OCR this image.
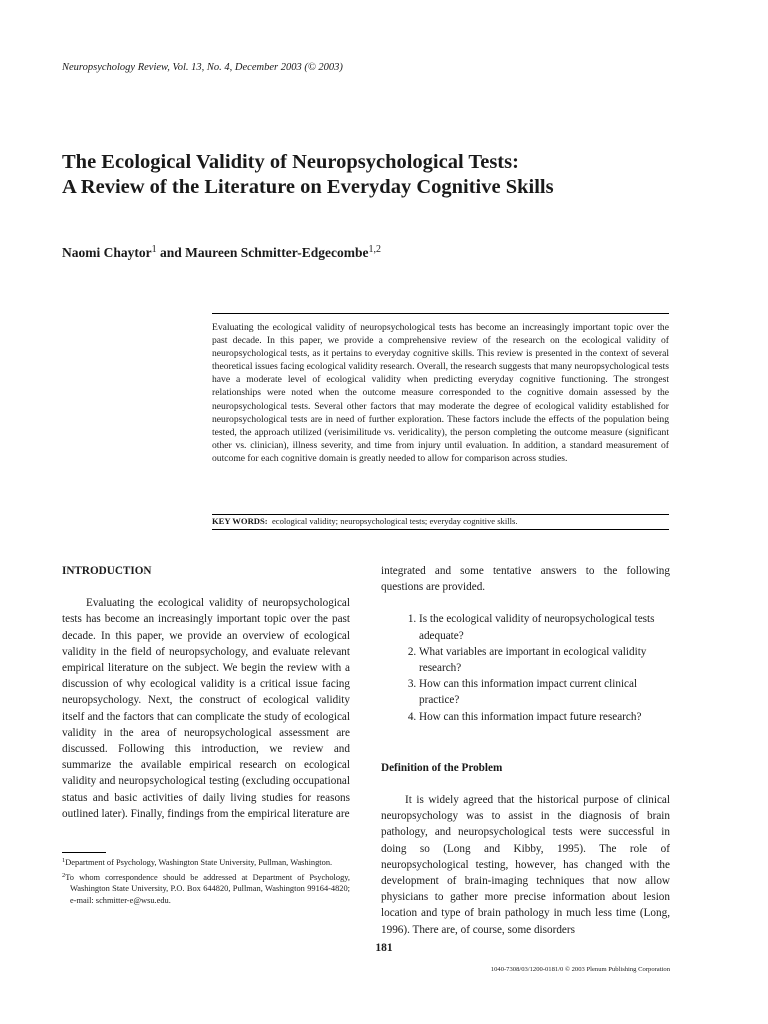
Neuropsychology Review, Vol. 13, No. 4, December 2003 (© 2003)
The Ecological Validity of Neuropsychological Tests:
A Review of the Literature on Everyday Cognitive Skills
Naomi Chaytor$^1$ and Maureen Schmitter-Edgecombe$^{1,2}$
Evaluating the ecological validity of neuropsychological tests has become an increasingly important topic over the past decade. In this paper, we provide a comprehensive review of the research on the ecological validity of neuropsychological tests, as it pertains to everyday cognitive skills. This review is presented in the context of several theoretical issues facing ecological validity research. Overall, the research suggests that many neuropsychological tests have a moderate level of ecological validity when predicting everyday cognitive functioning. The strongest relationships were noted when the outcome measure corresponded to the cognitive domain assessed by the neuropsychological tests. Several other factors that may moderate the degree of ecological validity established for neuropsychological tests are in need of further exploration. These factors include the effects of the population being tested, the approach utilized (verisimilitude vs. veridicality), the person completing the outcome measure (significant other vs. clinician), illness severity, and time from injury until evaluation. In addition, a standard measurement of outcome for each cognitive domain is greatly needed to allow for comparison across studies.
KEY WORDS: ecological validity; neuropsychological tests; everyday cognitive skills.

INTRODUCTION

Evaluating the ecological validity of neuropsychological tests has become an increasingly important topic over the past decade. In this paper, we provide an overview of ecological validity in the field of neuropsychology, and evaluate relevant empirical literature on the subject. We begin the review with a discussion of why ecological validity is a critical issue facing neuropsychology. Next, the construct of ecological validity itself and the factors that can complicate the study of ecological validity in the area of neuropsychological assessment are discussed. Following this introduction, we review and summarize the available empirical research on ecological validity and neuropsychological testing (excluding occupational status and basic activities of daily living studies for reasons outlined later). Finally, findings from the empirical literature are

integrated and some tentative answers to the following questions are provided.

1. Is the ecological validity of neuropsychological tests adequate?
2. What variables are important in ecological validity research?
3. How can this information impact current clinical practice?
4. How can this information impact future research?

Definition of the Problem

It is widely agreed that the historical purpose of clinical neuropsychology was to assist in the diagnosis of brain pathology, and neuropsychological tests were successful in doing so (Long and Kibby, 1995). The role of neuropsychological testing, however, has changed with the development of brain-imaging techniques that now allow physicians to gather more precise information about lesion location and type of brain pathology in much less time (Long, 1996). There are, of course, some disorders

$^1$Department of Psychology, Washington State University, Pullman, Washington.
$^2$To whom correspondence should be addressed at Department of Psychology, Washington State University, P.O. Box 644820, Pullman, Washington 99164-4820; e-mail: schmitter-e@wsu.edu.
181
1040-7308/03/1200-0181/0 © 2003 Plenum Publishing Corporation
